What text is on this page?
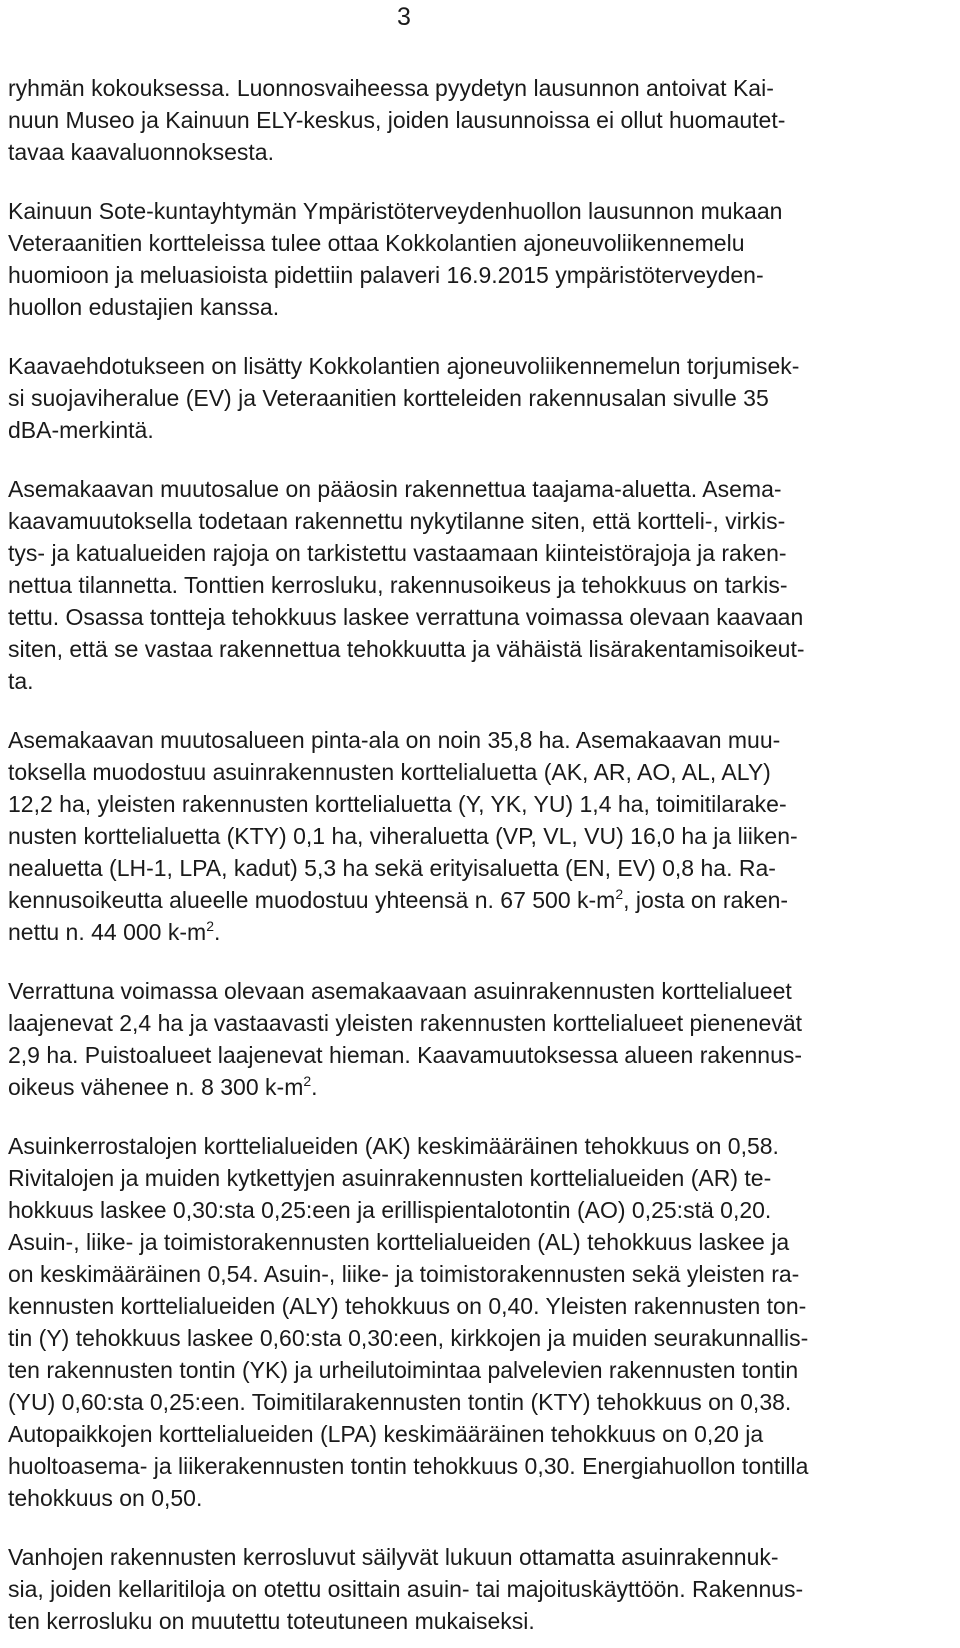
3

ryhmän kokouksessa. Luonnosvaiheessa pyydetyn lausunnon antoivat Kai-
nuun Museo ja Kainuun ELY-keskus, joiden lausunnoissa ei ollut huomautet-
tavaa kaavaluonnoksesta.

Kainuun Sote-kuntayhtymän Ympäristöterveydenhuollon lausunnon mukaan
Veteraanitien kortteleissa tulee ottaa Kokkolantien ajoneuvoliikennemelu
huomioon ja meluasioista pidettiin palaveri 16.9.2015 ympäristöterveyden-
huollon edustajien kanssa.

Kaavaehdotukseen on lisätty Kokkolantien ajoneuvoliikennemelun torjumisek-
si suojaviheralue (EV) ja Veteraanitien kortteleiden rakennusalan sivulle 35
dBA-merkintä.

Asemakaavan muutosalue on pääosin rakennettua taajama-aluetta. Asema-
kaavamuutoksella todetaan rakennettu nykytilanne siten, että kortteli-, virkis-
tys- ja katualueiden rajoja on tarkistettu vastaamaan kiinteistörajoja ja raken-
nettua tilannetta. Tonttien kerrosluku, rakennusoikeus ja tehokkuus on tarkis-
tettu. Osassa tontteja tehokkuus laskee verrattuna voimassa olevaan kaavaan
siten, että se vastaa rakennettua tehokkuutta ja vähäistä lisärakentamisoikeut-
ta.

Asemakaavan muutosalueen pinta-ala on noin 35,8 ha. Asemakaavan muu-
toksella muodostuu asuinrakennusten korttelialuetta (AK, AR, AO, AL, ALY)
12,2 ha, yleisten rakennusten korttelialuetta (Y, YK, YU) 1,4 ha, toimitilarake-
nusten korttelialuetta (KTY) 0,1 ha, viheraluetta (VP, VL, VU) 16,0 ha ja liiken-
nealuetta (LH-1, LPA, kadut) 5,3 ha sekä erityisaluetta (EN, EV) 0,8 ha. Ra-
kennusoikeutta alueelle muodostuu yhteensä n. 67 500 $k-m^2$, josta on raken-
nettu n. 44 000 $k-m^2$.

Verrattuna voimassa olevaan asemakaavaan asuinrakennusten korttelialueet
laajenevat 2,4 ha ja vastaavasti yleisten rakennusten korttelialueet pienenevät
2,9 ha. Puistoalueet laajenevat hieman. Kaavamuutoksessa alueen rakennus-
oikeus vähenee n. 8 300 $k-m^2$.

Asuinkerrostalojen korttelialueiden (AK) keskimääräinen tehokkuus on 0,58.
Rivitalojen ja muiden kytkettyjen asuinrakennusten korttelialueiden (AR) te-
hokkuus laskee 0,30:sta 0,25:een ja erillispientalotontin (AO) 0,25:stä 0,20.
Asuin-, liike- ja toimistorakennusten korttelialueiden (AL) tehokkuus laskee ja
on keskimääräinen 0,54. Asuin-, liike- ja toimistorakennusten sekä yleisten ra-
kennusten korttelialueiden (ALY) tehokkuus on 0,40. Yleisten rakennusten ton-
tin (Y) tehokkuus laskee 0,60:sta 0,30:een, kirkkojen ja muiden seurakunnallis-
ten rakennusten tontin (YK) ja urheilutoimintaa palvelevien rakennusten tontin
(YU) 0,60:sta 0,25:een. Toimitilarakennusten tontin (KTY) tehokkuus on 0,38.
Autopaikkojen korttelialueiden (LPA) keskimääräinen tehokkuus on 0,20 ja
huoltoasema- ja liikerakennusten tontin tehokkuus 0,30. Energiahuollon tontilla
tehokkuus on 0,50.

Vanhojen rakennusten kerrosluvut säilyvät lukuun ottamatta asuinrakennuk-
sia, joiden kellaritiloja on otettu osittain asuin- tai majoituskäyttöön. Rakennus-
ten kerrosluku on muutettu toteutuneen mukaiseksi.
